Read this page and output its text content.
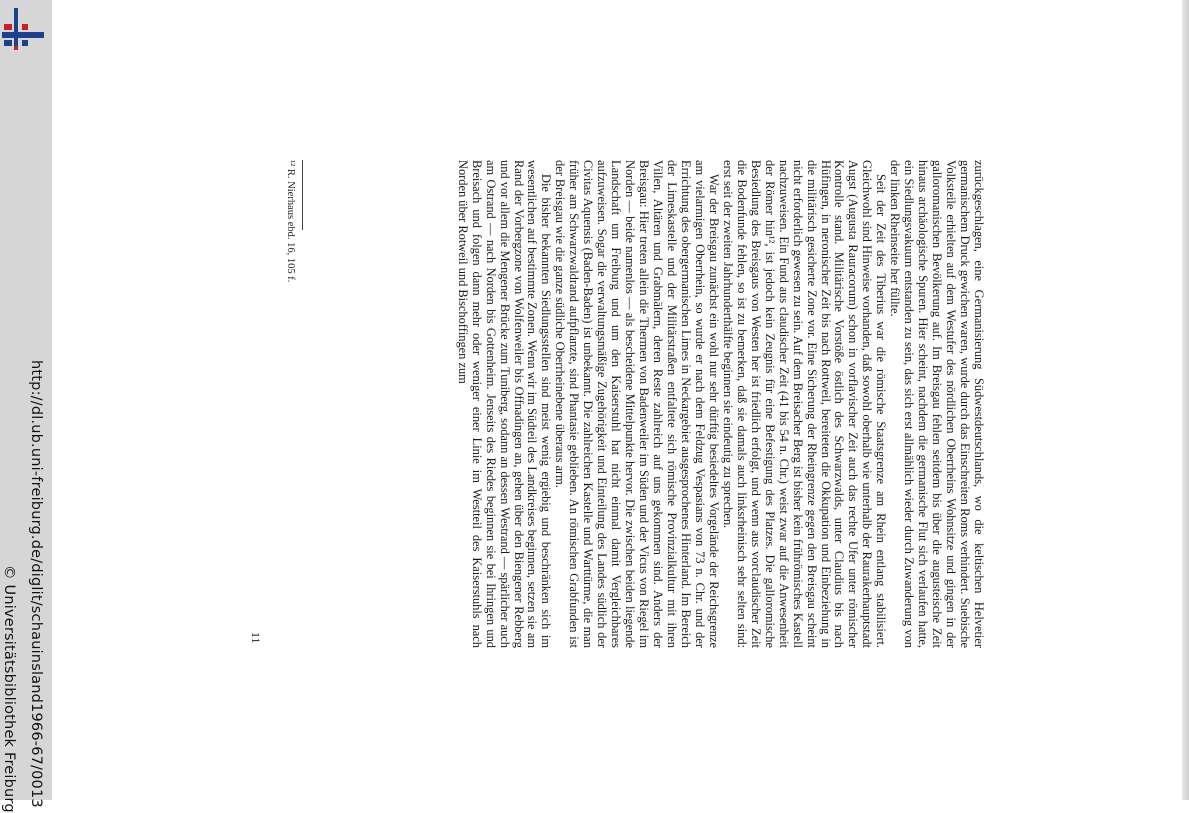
http://dl.ub.uni-freiburg.de/diglit/schauinsland1966-67/0013
© Universitätsbibliothek Freiburg

zurückgeschlagen, eine Germanisierung Südwestdeutschlands, wo die keltischen Helvetier germanischem Druck gewichen waren, wurde durch das Einschreiten Roms verhindert. Suebische Volksteile erhielten auf dem Westufer des nördlichen Oberrheins Wohnsitze und gingen in der galloromanischen Bevölkerung auf. Im Breisgau fehlen seitdem bis über die augusteische Zeit hinaus archäologische Spuren. Hier scheint, nachdem die germanische Flut sich verlaufen hatte, ein Siedlungsvakuum entstanden zu sein, das sich erst allmählich wieder durch Zuwanderung von der linken Rheinseite her füllte.

Seit der Zeit des Tiberius war die römische Staatsgrenze am Rhein entlang stabilisiert. Gleichwohl sind Hinweise vorhanden, daß sowohl oberhalb wie unterhalb der Raurakerhauptstadt Augst (Augusta Rauracorum) schon in vorflavischer Zeit auch das rechte Ufer unter römischer Kontrolle stand. Militärische Vorstöße östlich des Schwarzwalds, unter Claudius bis nach Hüfingen, in neronischer Zeit bis nach Rottweil, bereiteten die Okkupation und Einbeziehung in die militärisch gesicherte Zone vor. Eine Sicherung der Rheingrenze gegen den Breisgau scheint nicht erforderlich gewesen zu sein. Auf dem Breisacher Berg ist bisher kein frührömisches Kastell nachzuweisen. Ein Fund aus claudischer Zeit (41 bis 54 n. Chr.) weist zwar auf die Anwesenheit der Römer hin¹², ist jedoch kein Zeugnis für eine Befestigung des Platzes. Die galloromische Besiedlung des Breisgaus von Westen her ist friedlich erfolgt, und wenn aus vorclaudischer Zeit die Bodenfunde fehlen, so ist zu bemerken, daß sie damals auch linksrheinisch sehr selten sind: erst seit der zweiten Jahrhunderthälfte beginnen sie eindeutig zu sprechen.

War der Breisgau zunächst ein wohl nur sehr dürftig besiedeltes Vorgelände der Reichsgrenze am vielarmigen Oberrhein, so wurde er nach dem Feldzug Vespasians von 73 n. Chr. und der Errichtung des obergermanischen Limes in Neckargebiet ausgesprochenes Hinterland. Im Bereich der Limeskastelle und der Militärstraßen entfaltete sich römische Provinzialkultur mit ihren Villen, Altären und Grabmälern, deren Reste zahlreich auf uns gekommen sind. Anders der Breisgau: Hier treten allein die Thermen von Badenweiler im Süden und der Vicus von Riegel im Norden — beide namenlos — als bescheidene Mittelpunkte hervor. Die zwischen beiden liegende Landschaft um Freiburg und um den Kaiserstuhl hat nicht einmal damit Vergleichbares aufzuweisen. Sogar die verwaltungsmäßige Zugehörigkeit und Einteilung des Landes südlich der Civitas Aquensis (Baden-Baden) ist unbekannt. Die zahlreichen Kastelle und Warttürme, die man früher am Schwarzwaldrand aufpflanzte, sind Phantasie geblieben. An römischen Grabfunden ist der Breisgau wie die ganze südliche Oberrheinebene überaus arm.

Die bisher bekannten Siedlungsstellen sind meist wenig ergiebig und beschränken sich im wesentlichen auf bestimmte Zonen. Wenn wir im Südteil des Landkreises beginnen, setzen sie am Rand der Vorbergzone von Wolfenweiler bis Offnadingen an, gehen über den Biengener Rebberg und vor allem die Mengener Brücke zum Tuniberg, sodann an dessen Westrand — spärlicher auch am Ostrand — nach Norden bis Gottenheim. Jenseits des Riedes beginnen sie bei Ihringen und Breisach und folgen dann mehr oder weniger einer Linie im Westteil des Kaiserstuhls nach Norden über Rotweil und Bischoffingen zum

¹² R. Nierhaus ebd. 16, 105 f.
11
